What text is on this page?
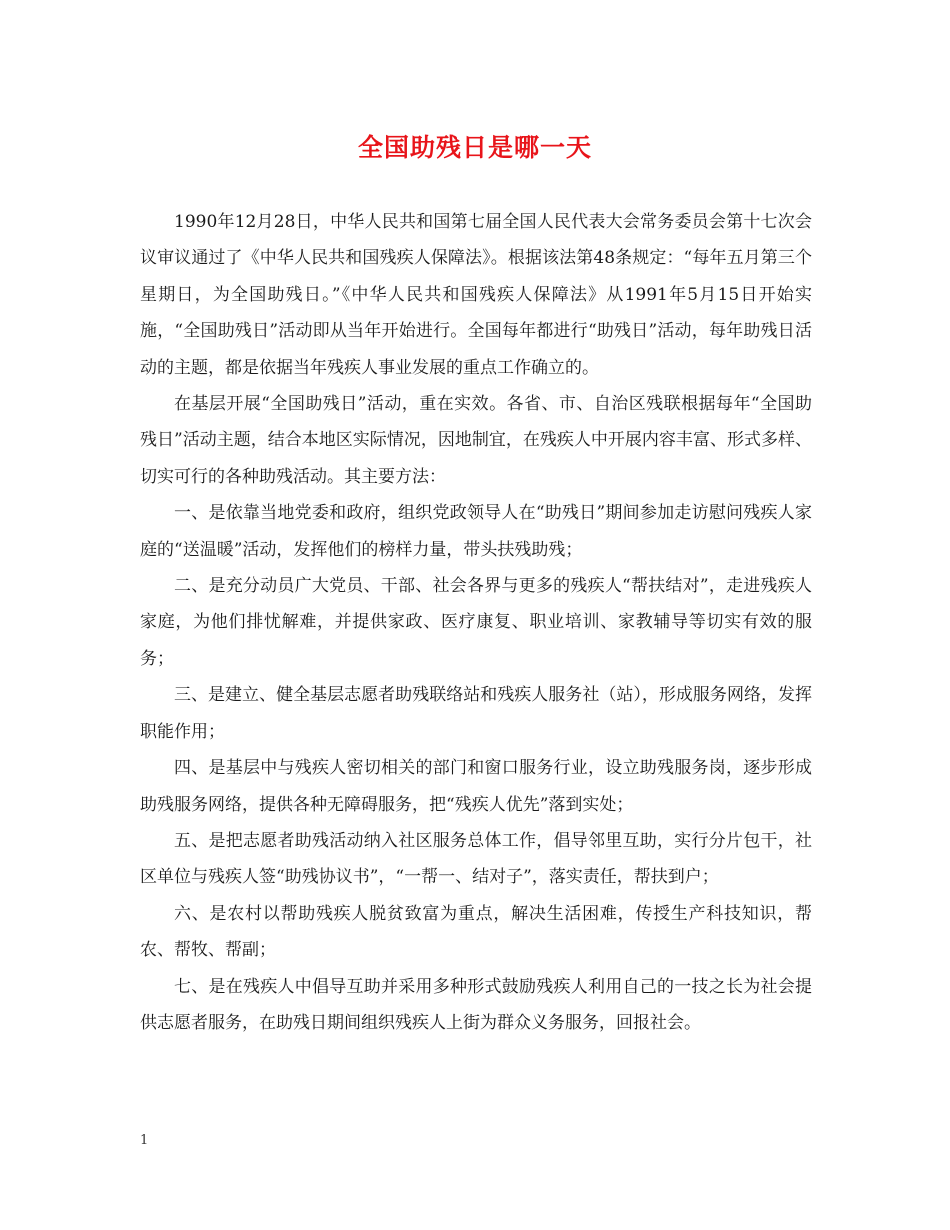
全国助残日是哪一天

1990年12月28日，中华人民共和国第七届全国人民代表大会常务委员会第十七次会议审议通过了《中华人民共和国残疾人保障法》。根据该法第48条规定：“每年五月第三个星期日，为全国助残日。”《中华人民共和国残疾人保障法》从1991年5月15日开始实施，“全国助残日”活动即从当年开始进行。全国每年都进行“助残日”活动，每年助残日活动的主题，都是依据当年残疾人事业发展的重点工作确立的。

在基层开展“全国助残日”活动，重在实效。各省、市、自治区残联根据每年“全国助残日”活动主题，结合本地区实际情况，因地制宜，在残疾人中开展内容丰富、形式多样、切实可行的各种助残活动。其主要方法：

一、是依靠当地党委和政府，组织党政领导人在“助残日”期间参加走访慰问残疾人家庭的“送温暖”活动，发挥他们的榜样力量，带头扶残助残；

二、是充分动员广大党员、干部、社会各界与更多的残疾人“帮扶结对”，走进残疾人家庭，为他们排忧解难，并提供家政、医疗康复、职业培训、家教辅导等切实有效的服务；

三、是建立、健全基层志愿者助残联络站和残疾人服务社（站），形成服务网络，发挥职能作用；

四、是基层中与残疾人密切相关的部门和窗口服务行业，设立助残服务岗，逐步形成助残服务网络，提供各种无障碍服务，把“残疾人优先”落到实处；

五、是把志愿者助残活动纳入社区服务总体工作，倡导邻里互助，实行分片包干，社区单位与残疾人签“助残协议书”，“一帮一、结对子”，落实责任，帮扶到户；

六、是农村以帮助残疾人脱贫致富为重点，解决生活困难，传授生产科技知识，帮农、帮牧、帮副；

七、是在残疾人中倡导互助并采用多种形式鼓励残疾人利用自己的一技之长为社会提供志愿者服务，在助残日期间组织残疾人上街为群众义务服务，回报社会。

1
